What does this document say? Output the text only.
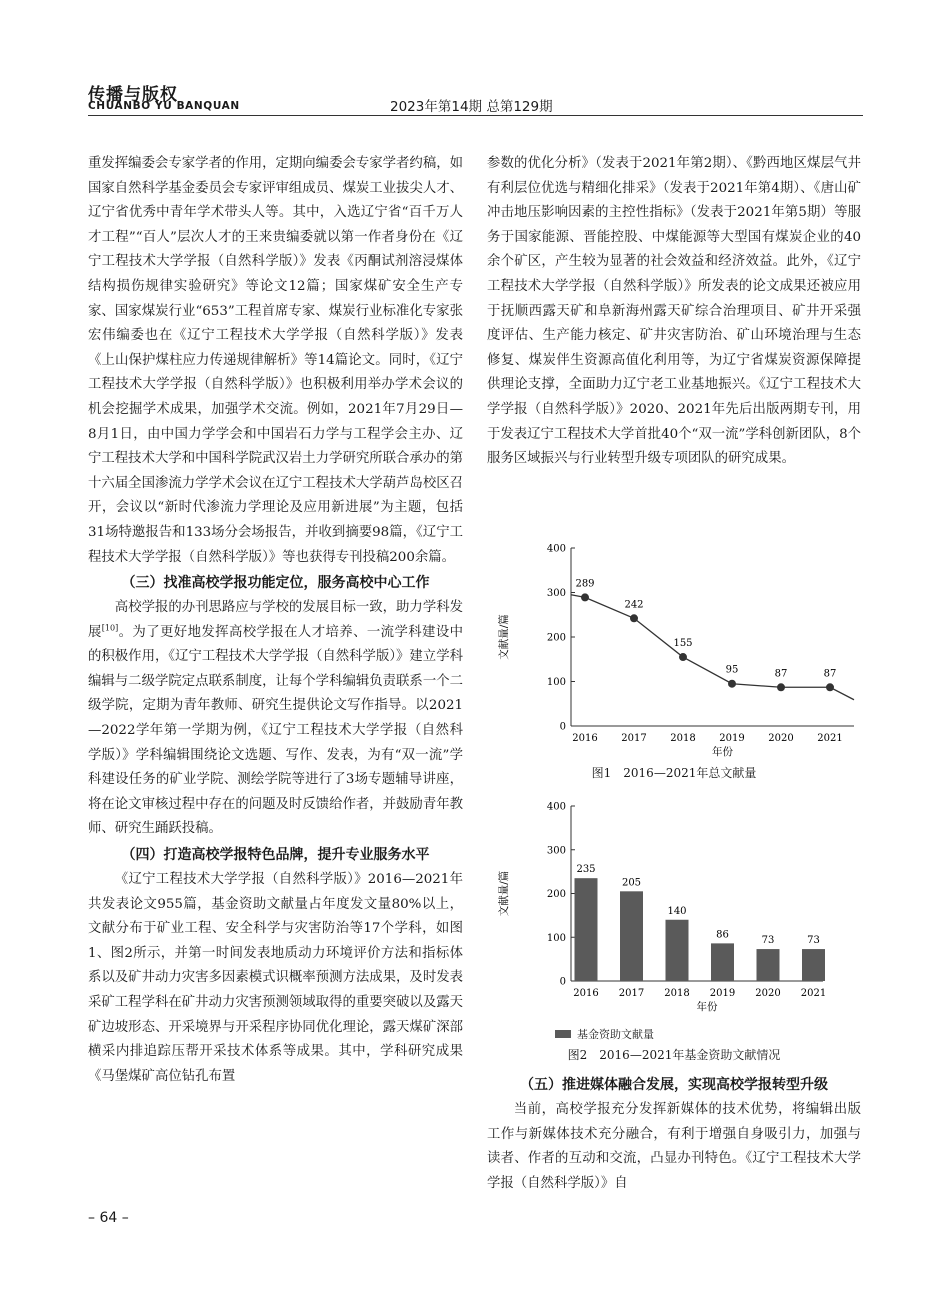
传播与版权
CHUANBO YU BANQUAN	2023年第14期 总第129期

重发挥编委会专家学者的作用，定期向编委会专家学者约稿，如国家自然科学基金委员会专家评审组成员、煤炭工业拔尖人才、辽宁省优秀中青年学术带头人等。其中，入选辽宁省“百千万人才工程”“百人”层次人才的王来贵编委就以第一作者身份在《辽宁工程技术大学学报（自然科学版）》发表《丙酮试剂溶浸煤体结构损伤规律实验研究》等论文12篇；国家煤矿安全生产专家、国家煤炭行业“653”工程首席专家、煤炭行业标准化专家张宏伟编委也在《辽宁工程技术大学学报（自然科学版）》发表《上山保护煤柱应力传递规律解析》等14篇论文。同时，《辽宁工程技术大学学报（自然科学版）》也积极利用举办学术会议的机会挖掘学术成果，加强学术交流。例如，2021年7月29日—8月1日，由中国力学学会和中国岩石力学与工程学会主办、辽宁工程技术大学和中国科学院武汉岩土力学研究所联合承办的第十六届全国渗流力学学术会议在辽宁工程技术大学葫芦岛校区召开，会议以“新时代渗流力学理论及应用新进展”为主题，包括31场特邀报告和133场分会场报告，并收到摘要98篇，《辽宁工程技术大学学报（自然科学版）》等也获得专刊投稿200余篇。

（三）找准高校学报功能定位，服务高校中心工作

高校学报的办刊思路应与学校的发展目标一致，助力学科发展[10]。为了更好地发挥高校学报在人才培养、一流学科建设中的积极作用，《辽宁工程技术大学学报（自然科学版）》建立学科编辑与二级学院定点联系制度，让每个学科编辑负责联系一个二级学院，定期为青年教师、研究生提供论文写作指导。以2021—2022学年第一学期为例，《辽宁工程技术大学学报（自然科学版）》学科编辑围绕论文选题、写作、发表，为有“双一流”学科建设任务的矿业学院、测绘学院等进行了3场专题辅导讲座，将在论文审核过程中存在的问题及时反馈给作者，并鼓励青年教师、研究生踊跃投稿。

（四）打造高校学报特色品牌，提升专业服务水平

《辽宁工程技术大学学报（自然科学版）》2016—2021年共发表论文955篇，基金资助文献量占年度发文量80%以上，文献分布于矿业工程、安全科学与灾害防治等17个学科，如图1、图2所示，并第一时间发表地质动力环境评价方法和指标体系以及矿井动力灾害多因素模式识概率预测方法成果，及时发表采矿工程学科在矿井动力灾害预测领域取得的重要突破以及露天矿边坡形态、开采境界与开采程序协同优化理论，露天煤矿深部横采内排追踪压帮开采技术体系等成果。其中，学科研究成果《马堡煤矿高位钻孔布置

参数的优化分析》（发表于2021年第2期）、《黔西地区煤层气井有利层位优选与精细化排采》（发表于2021年第4期）、《唐山矿冲击地压影响因素的主控性指标》（发表于2021年第5期）等服务于国家能源、晋能控股、中煤能源等大型国有煤炭企业的40余个矿区，产生较为显著的社会效益和经济效益。此外，《辽宁工程技术大学学报（自然科学版）》所发表的论文成果还被应用于抚顺西露天矿和阜新海州露天矿综合治理项目、矿井开采强度评估、生产能力核定、矿井灾害防治、矿山环境治理与生态修复、煤炭伴生资源高值化利用等，为辽宁省煤炭资源保障提供理论支撑，全面助力辽宁老工业基地振兴。《辽宁工程技术大学学报（自然科学版）》2020、2021年先后出版两期专刊，用于发表辽宁工程技术大学首批40个“双一流”学科创新团队，8个服务区域振兴与行业转型升级专项团队的研究成果。

0
100
200
300
400
文献量/篇
2016 2017 2018 2019 2020 2021
年份
289
242
155
95	87	87
图1　2016—2021年总文献量
0
100
200
300
400
文献量/篇
2016 2017 2018 2019 2020 2021
年份
235
205
140
86
73	73
基金资助文献量
图2　2016—2021年基金资助文献情况
（五）推进媒体融合发展，实现高校学报转型升级

当前，高校学报充分发挥新媒体的技术优势，将编辑出版工作与新媒体技术充分融合，有利于增强自身吸引力，加强与读者、作者的互动和交流，凸显办刊特色。《辽宁工程技术大学学报（自然科学版）》自

– 64 –
